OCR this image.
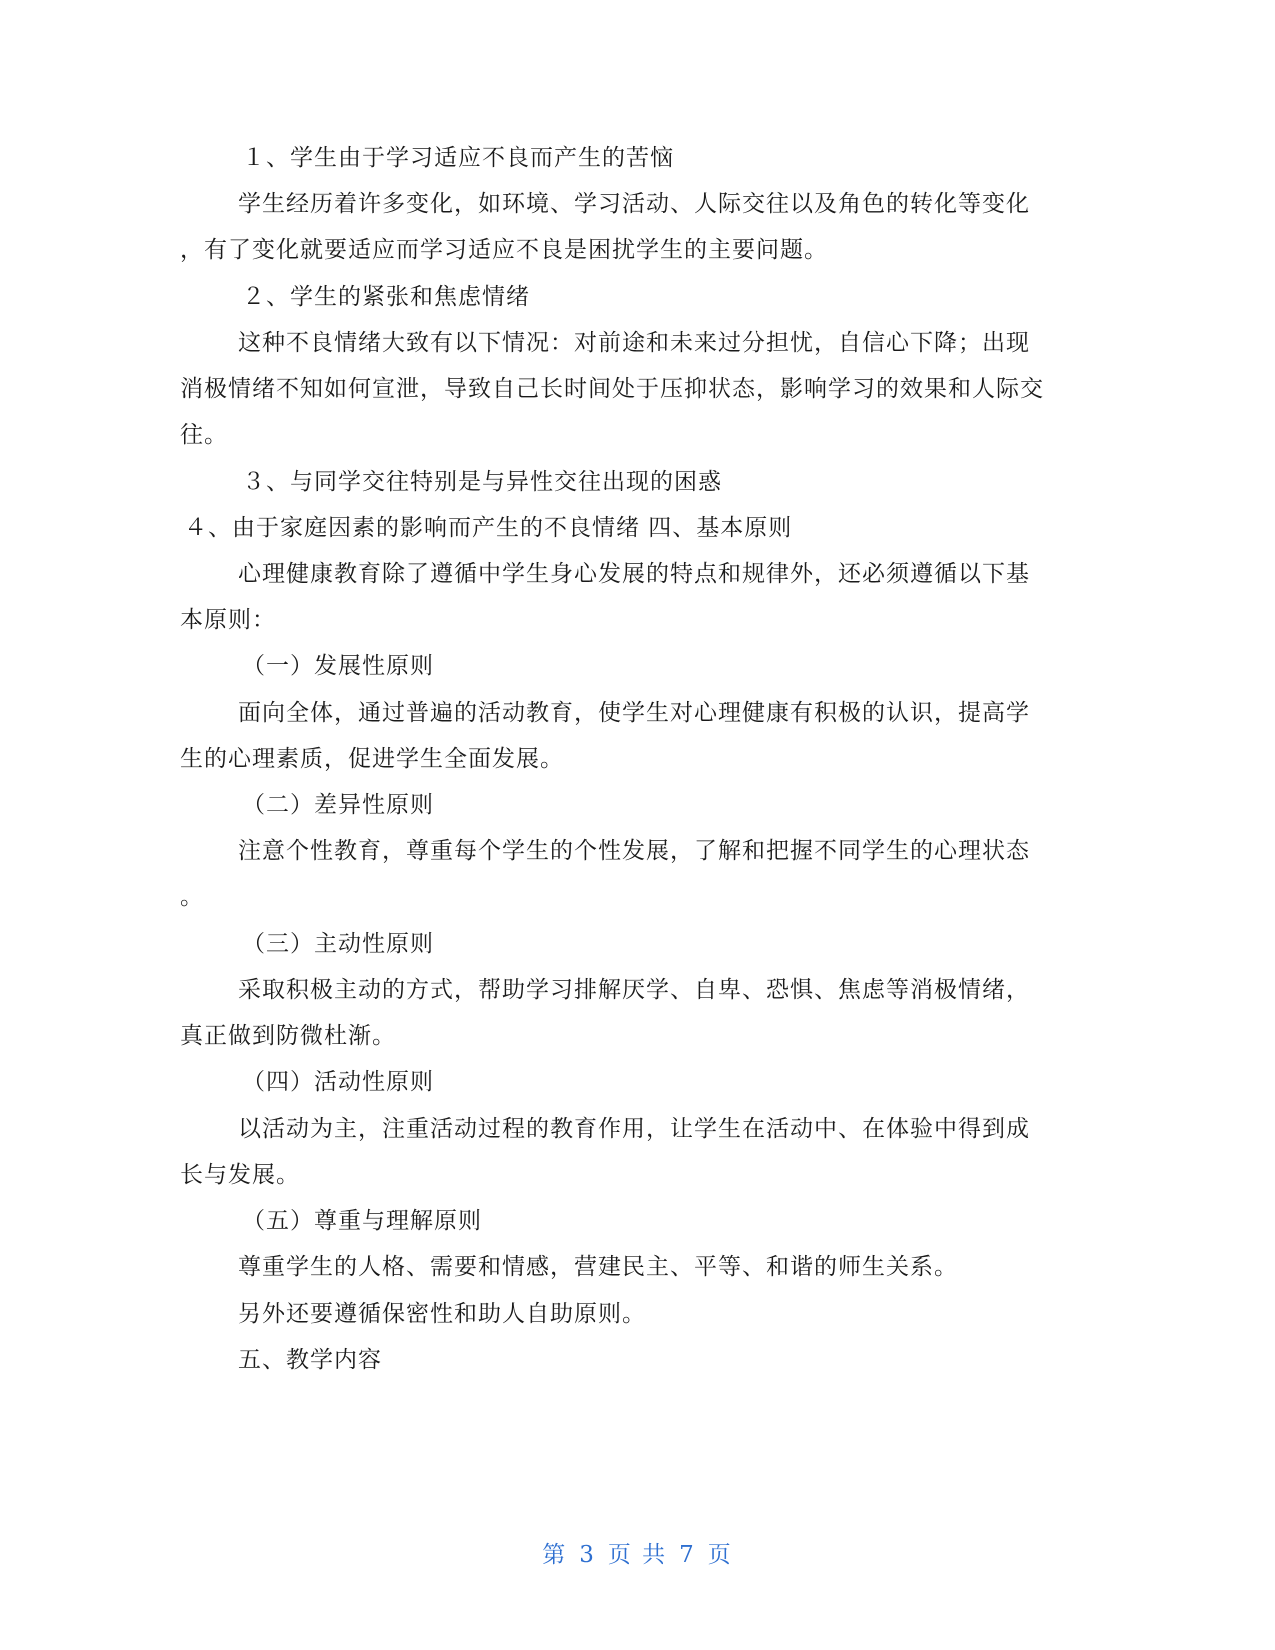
１、学生由于学习适应不良而产生的苦恼
学生经历着许多变化，如环境、学习活动、人际交往以及角色的转化等变化
，有了变化就要适应而学习适应不良是困扰学生的主要问题。
２、学生的紧张和焦虑情绪
这种不良情绪大致有以下情况：对前途和未来过分担忧，自信心下降；出现
消极情绪不知如何宣泄，导致自己长时间处于压抑状态，影响学习的效果和人际交
往。
３、与同学交往特别是与异性交往出现的困惑
４、由于家庭因素的影响而产生的不良情绪 四、基本原则
心理健康教育除了遵循中学生身心发展的特点和规律外，还必须遵循以下基
本原则：
（一）发展性原则
面向全体，通过普遍的活动教育，使学生对心理健康有积极的认识，提高学
生的心理素质，促进学生全面发展。
（二）差异性原则
注意个性教育，尊重每个学生的个性发展，了解和把握不同学生的心理状态
。
（三）主动性原则
采取积极主动的方式，帮助学习排解厌学、自卑、恐惧、焦虑等消极情绪，
真正做到防微杜渐。
（四）活动性原则
以活动为主，注重活动过程的教育作用，让学生在活动中、在体验中得到成
长与发展。
（五）尊重与理解原则
尊重学生的人格、需要和情感，营建民主、平等、和谐的师生关系。
另外还要遵循保密性和助人自助原则。
五、教学内容
第 3 页 共 7 页
